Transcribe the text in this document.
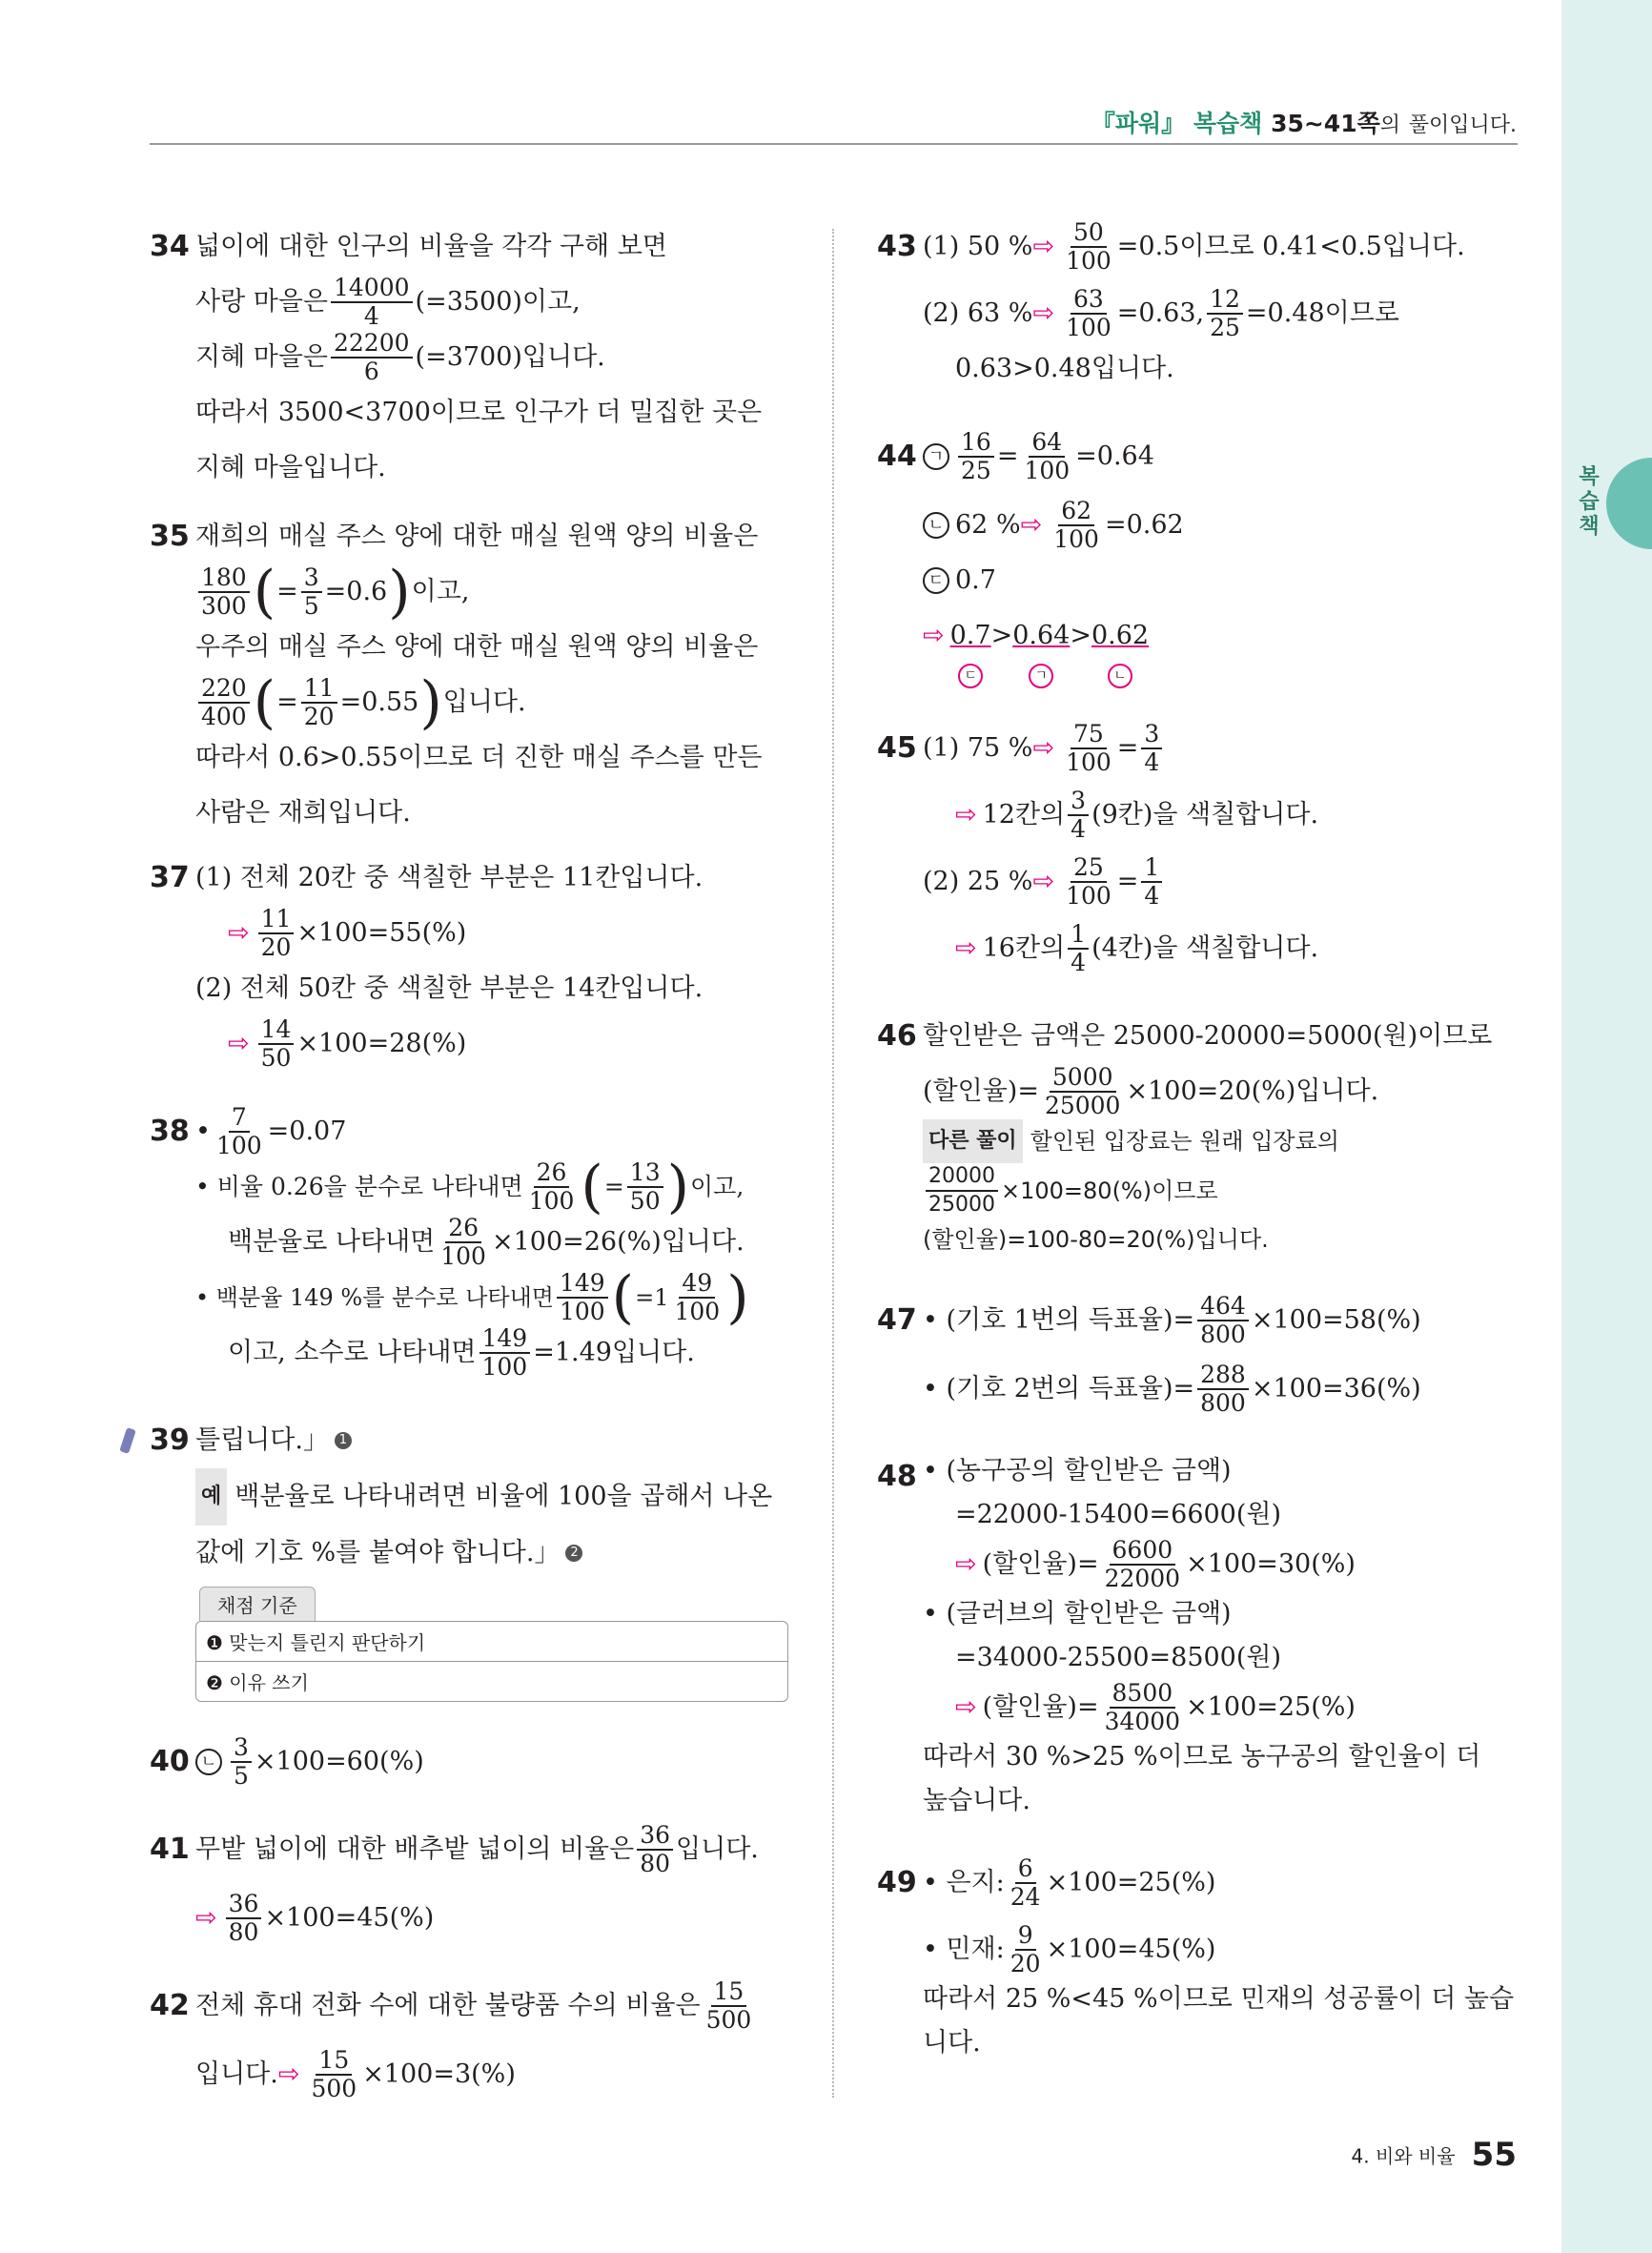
복습책
『파워』 복습책 35~41쪽의 풀이입니다.
34 넓이에 대한 인구의 비율을 각각 구해 보면
사랑 마을은 $\frac{14000}{4} (=3500)$이고,
지혜 마을은 $\frac{22200}{6} (=3700)$입니다.
따라서 3500<3700이므로 인구가 더 밀집한 곳은
지혜 마을입니다.
35 재희의 매실 주스 양에 대한 매실 원액 양의 비율은
$\frac{180}{300}$ ( = $\frac{3}{5} =0.6$ ) 이고,
우주의 매실 주스 양에 대한 매실 원액 양의 비율은
$\frac{220}{400}$ ( = $\frac{11}{20} =0.55$ ) 입니다.
따라서 0.6>0.55이므로 더 진한 매실 주스를 만든
사람은 재희입니다.
37 (1) 전체 20칸 중 색칠한 부분은 11칸입니다.
⇨ $\frac{11}{20} \times 100=55(\%)$
(2) 전체 50칸 중 색칠한 부분은 14칸입니다.
⇨ $\frac{14}{50} \times 100=28(\%)$
38 • $\frac{7}{100} =0.07$
• 비율 0.26을 분수로 나타내면 $\frac{26}{100}$ ( = $\frac{13}{50}$ ) 이고,
백분율로 나타내면 $\frac{26}{100} \times 100=26(\%)$입니다.
• 백분율 149 %를 분수로 나타내면 $\frac{149}{100}$ ( $=1 \frac{49}{100}$ )
이고, 소수로 나타내면 $\frac{149}{100} =1.49$입니다.
39 틀립니다.」 1
예 백분율로 나타내려면 비율에 100을 곱해서 나온
값에 기호 %를 붙여야 합니다.」 2
채점 기준
❶ 맞는지 틀린지 판단하기
❷ 이유 쓰기
40 ㄴ $\frac{3}{5} \times 100=60(\%)$
41 무밭 넓이에 대한 배추밭 넓이의 비율은 $\frac{36}{80}$ 입니다.
⇨ $\frac{36}{80} \times 100=45(\%)$
42 전체 휴대 전화 수에 대한 불량품 수의 비율은 $\frac{15}{500}$
입니다. ⇨ $\frac{15}{500} \times 100=3(\%)$
43 (1) 50 % ⇨ $\frac{50}{100} =0.5$이므로 0.41<0.5입니다.
(2) 63 % ⇨ $\frac{63}{100} =0.63$, $\frac{12}{25} =0.48$이므로
0.63>0.48입니다.
44 ㄱ $\frac{16}{25} = \frac{64}{100} =0.64$
ㄴ 62 % ⇨ $\frac{62}{100} =0.62$
ㄷ 0.7
⇨ 0.7
ㄷ
> 0.64
ㄱ
> 0.62
ㄴ
45 (1) 75 % ⇨ $\frac{75}{100} = \frac{3}{4}$
⇨ 12칸의 $\frac{3}{4} (9$칸)을 색칠합니다.
(2) 25 % ⇨ $\frac{25}{100} = \frac{1}{4}$
⇨ 16칸의 $\frac{1}{4} (4$칸)을 색칠합니다.
46 할인받은 금액은 25000-20000=5000(원)이므로
(할인율)= $\frac{5000}{25000} \times 100=20(\%)$입니다.
다른 풀이 할인된 입장료는 원래 입장료의
$\frac{20000}{25000} \times 100=80(\%)$이므로
(할인율)=100-80=20(%)입니다.
47 • (기호 1번의 득표율)= $\frac{464}{800} \times 100=58(\%)$
• (기호 2번의 득표율)= $\frac{288}{800} \times 100=36(\%)$
48 • (농구공의 할인받은 금액)
=22000-15400=6600(원)
⇨ (할인율)= $\frac{6600}{22000} \times 100=30(\%)$
• (글러브의 할인받은 금액)
=34000-25500=8500(원)
⇨ (할인율)= $\frac{8500}{34000} \times 100=25(\%)$
따라서 30 %>25 %이므로 농구공의 할인율이 더
높습니다.
49 • 은지: $\frac{6}{24} \times 100=25(\%)$
• 민재: $\frac{9}{20} \times 100=45(\%)$
따라서 25 %<45 %이므로 민재의 성공률이 더 높습
니다.
4. 비와 비율 55
